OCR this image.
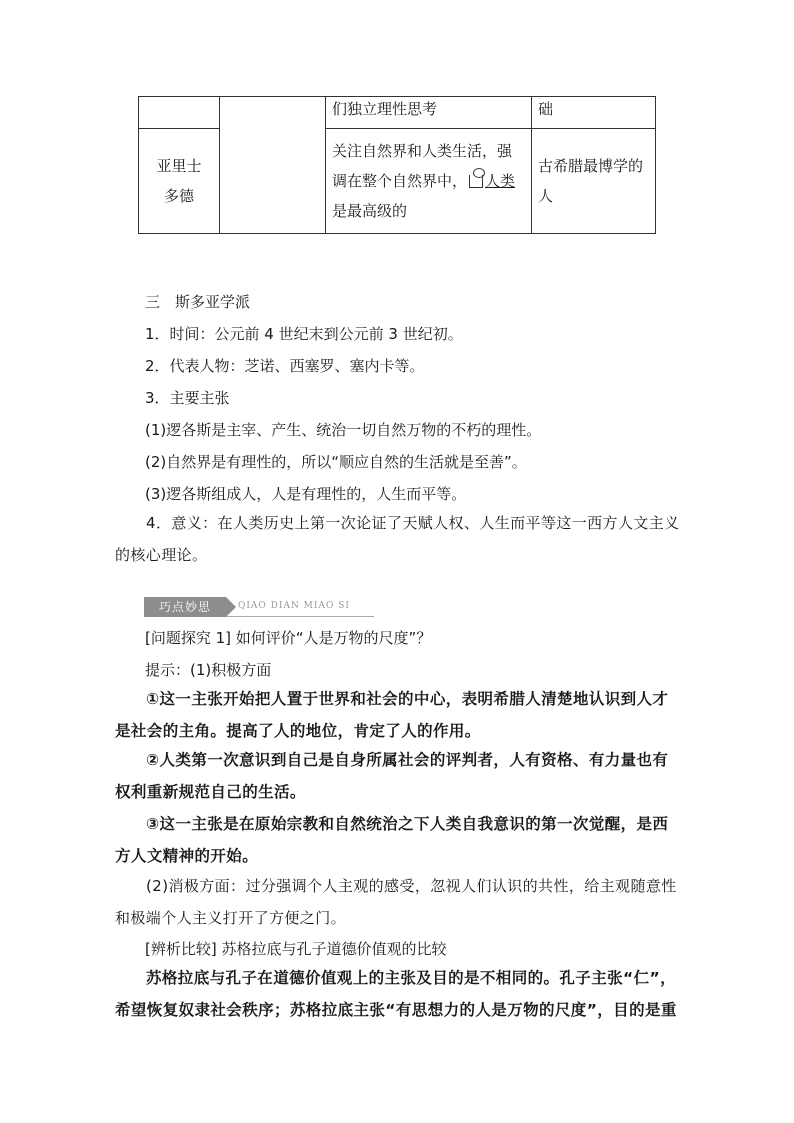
		们独立理性思考	础

亚里士多德		关注自然界和人类生活，强调在整个自然界中， 人类是最高级的	古希腊最博学的人
三　斯多亚学派
1．时间：公元前 4 世纪末到公元前 3 世纪初。
2．代表人物：芝诺、西塞罗、塞内卡等。
3．主要主张
(1)逻各斯是主宰、产生、统治一切自然万物的不朽的理性。
(2)自然界是有理性的，所以“顺应自然的生活就是至善”。
(3)逻各斯组成人，人是有理性的，人生而平等。
4．意义：在人类历史上第一次论证了天赋人权、人生而平等这一西方人文主义的核心理论。
巧点妙思	QIAO DIAN MIAO SI
[问题探究 1] 如何评价“人是万物的尺度”？
提示：(1)积极方面
①这一主张开始把人置于世界和社会的中心，表明希腊人清楚地认识到人才是社会的主角。提高了人的地位，肯定了人的作用。
②人类第一次意识到自己是自身所属社会的评判者，人有资格、有力量也有权利重新规范自己的生活。
③这一主张是在原始宗教和自然统治之下人类自我意识的第一次觉醒，是西方人文精神的开始。
(2)消极方面：过分强调个人主观的感受，忽视人们认识的共性，给主观随意性和极端个人主义打开了方便之门。
[辨析比较] 苏格拉底与孔子道德价值观的比较
苏格拉底与孔子在道德价值观上的主张及目的是不相同的。孔子主张“仁”，希望恢复奴隶社会秩序；苏格拉底主张“有思想力的人是万物的尺度”，目的是重
